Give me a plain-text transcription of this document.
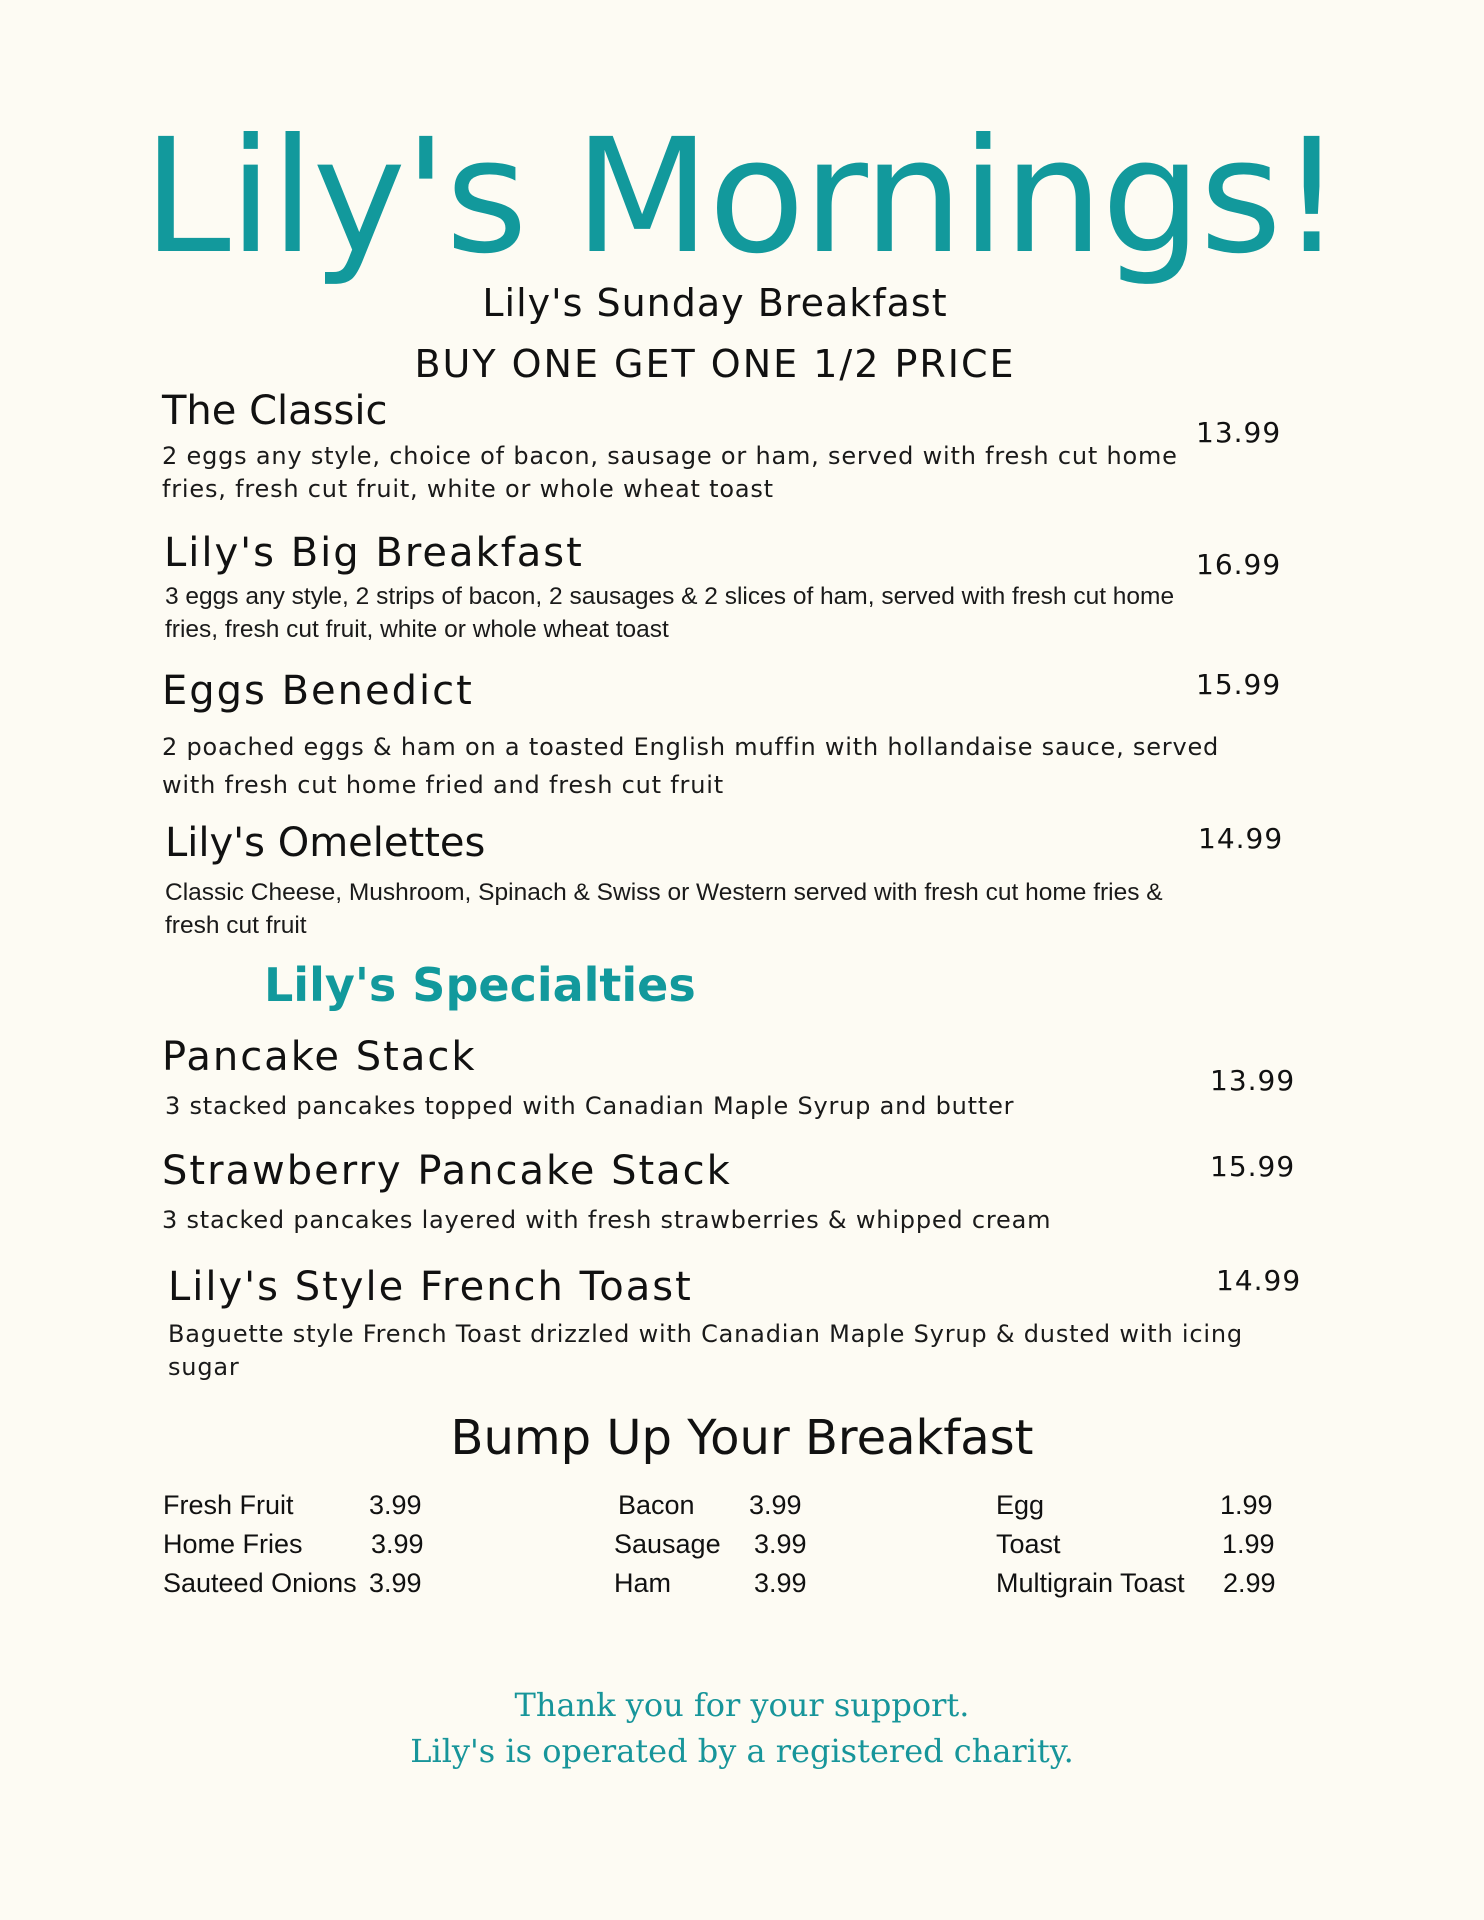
Lily's Mornings!
Lily's Sunday Breakfast
BUY ONE GET ONE 1/2 PRICE
The Classic	13.99
2 eggs any style, choice of bacon, sausage or ham, served with fresh cut home fries, fresh cut fruit, white or whole wheat toast
Lily's Big Breakfast	16.99
3 eggs any style, 2 strips of bacon, 2 sausages & 2 slices of ham, served with fresh cut home fries, fresh cut fruit, white or whole wheat toast
Eggs Benedict	15.99
2 poached eggs & ham on a toasted English muffin with hollandaise sauce, served with fresh cut home fried and fresh cut fruit
Lily's Omelettes	14.99
Classic Cheese, Mushroom, Spinach & Swiss or Western served with fresh cut home fries & fresh cut fruit
Lily's Specialties
Pancake Stack
13.99
3 stacked pancakes topped with Canadian Maple Syrup and butter
Strawberry Pancake Stack	15.99
3 stacked pancakes layered with fresh strawberries & whipped cream
Lily's Style French Toast	14.99
Baguette style French Toast drizzled with Canadian Maple Syrup & dusted with icing sugar
Bump Up Your Breakfast
Fresh Fruit	3.99
Home Fries	3.99
Sauteed Onions 3.99
Bacon 3.99
Sausage 3.99
Ham	3.99
Egg	1.99
Toast	1.99
Multigrain Toast 2.99
Thank you for your support.
Lily's is operated by a registered charity.
